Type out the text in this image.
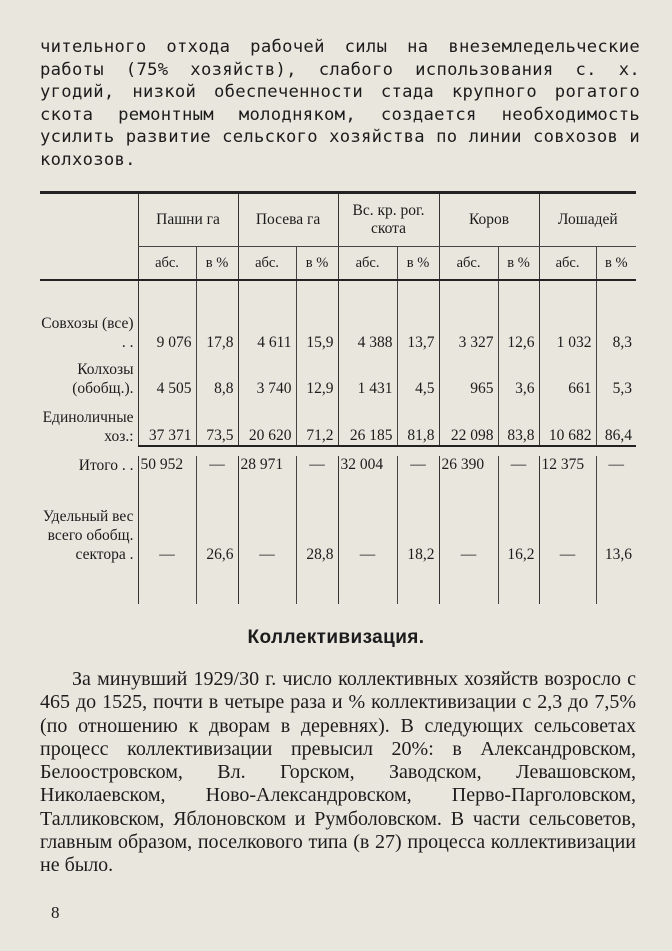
чительного отхода рабочей силы на внеземледельческие работы (75% хозяйств), слабого использования с. х. угодий, низкой обеспеченности стада крупного рогатого скота ремонтным молодняком, создается необходимость усилить развитие сельского хозяйства по линии совхозов и колхозов.

	Пашни га		Посева га		Вс. кр. рог. скота		Коров		Лошадей	
	абс.	в %	абс.	в %	абс.	в %	абс.	в %	абс.	в %

Совхозы (все) . .	9 076	17,8	4 611	15,9	4 388	13,7	3 327	12,6	1 032	8,3
Колхозы (обобщ.).	4 505	8,8	3 740	12,9	1 431	4,5	965	3,6	661	5,3
Единоличные хоз.:	37 371	73,5	20 620	71,2	26 185	81,8	22 098	83,8	10 682	86,4

Итого . .	50 952	—	28 971	—	32 004	—	26 390	—	12 375	—
Удельный вес всего обобщ. сектора .	—	26,6	—	28,8	—	18,2	—	16,2	—	13,6

Коллективизация.

За минувший 1929/30 г. число коллективных хозяйств возросло с 465 до 1525, почти в четыре раза и % коллективизации с 2,3 до 7,5% (по отношению к дворам в деревнях). В следующих сельсоветах процесс коллективизации превысил 20%: в Александровском, Белоостровском, Вл. Горском, Заводском, Левашовском, Николаевском, Ново-Александровском, Перво-Парголовском, Талликовском, Яблоновском и Румболовском. В части сельсоветов, главным образом, поселкового типа (в 27) процесса коллективизации не было.

8
